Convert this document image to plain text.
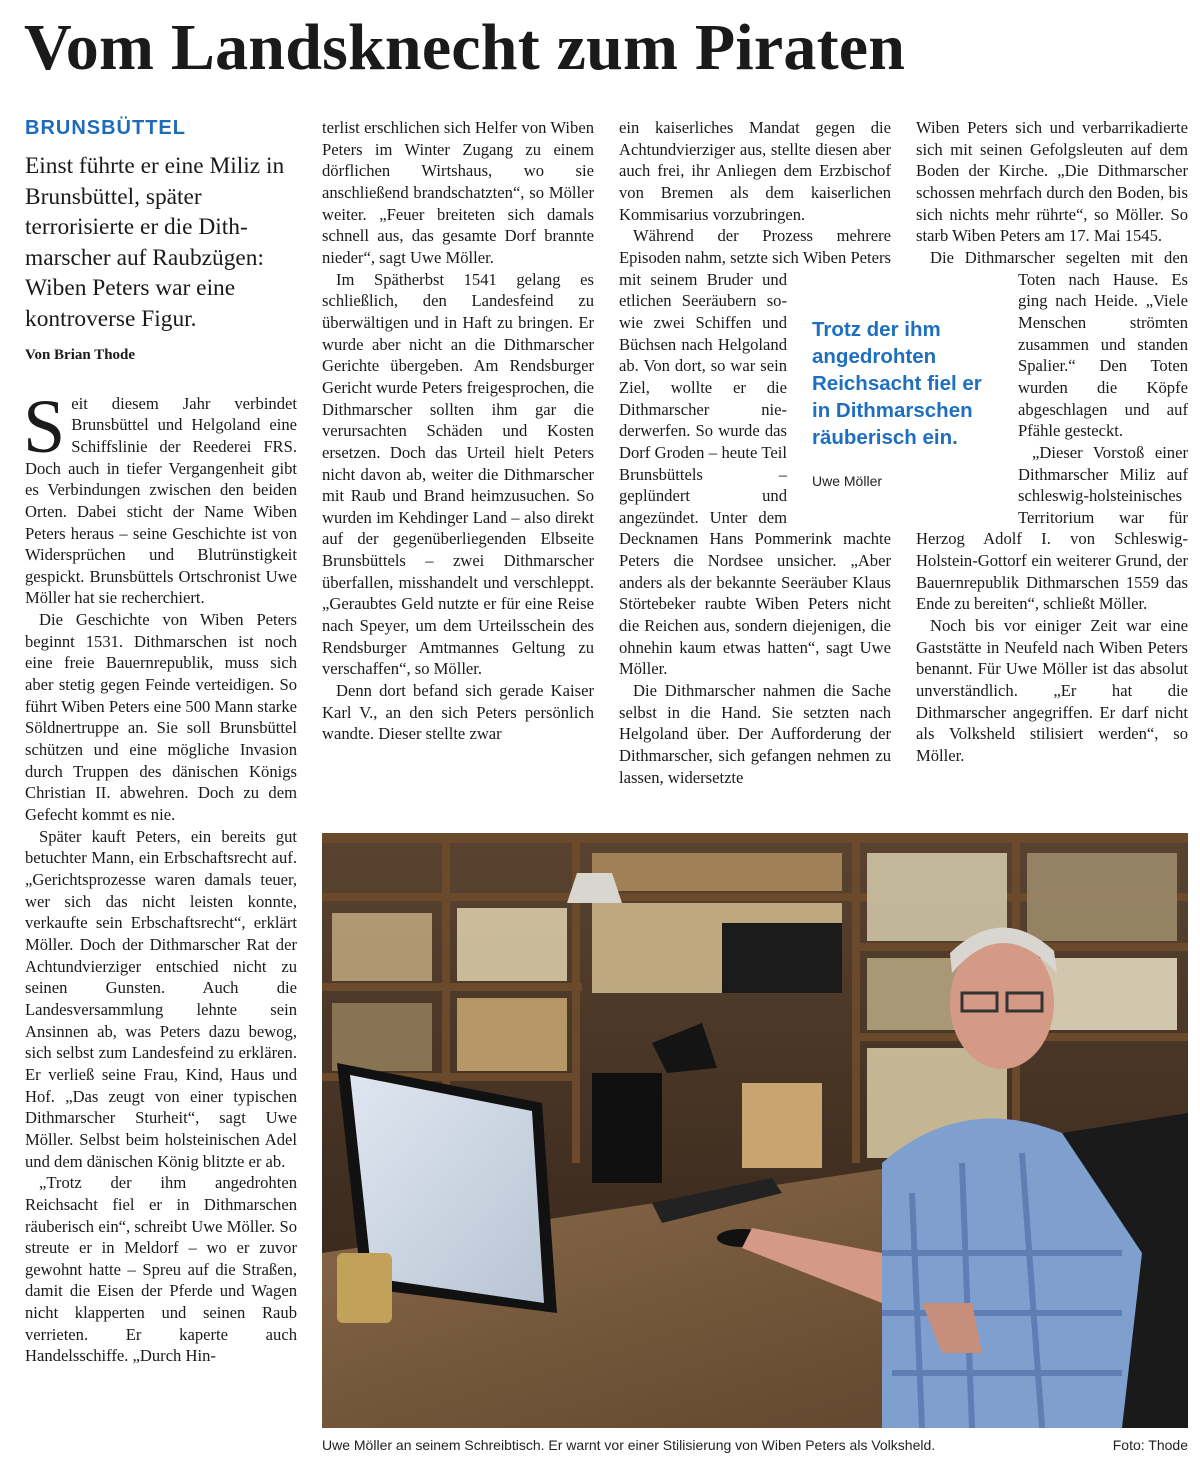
Vom Landsknecht zum Piraten
BRUNSBÜTTEL
Einst führte er eine Miliz in Brunsbüttel, später terrorisierte er die Dithmarscher auf Raubzügen: Wiben Peters war eine kontroverse Figur.
Von Brian Thode

Seit diesem Jahr verbindet Brunsbüttel und Helgoland eine Schiffslinie der Reederei FRS. Doch auch in tiefer Vergangenheit gibt es Verbindungen zwischen den beiden Orten. Dabei sticht der Name Wiben Peters heraus – seine Geschichte ist von Widersprüchen und Blutrünstigkeit gespickt. Brunsbüttels Ortschronist Uwe Möller hat sie recherchiert.

Die Geschichte von Wiben Peters beginnt 1531. Dithmarschen ist noch eine freie Bauernrepublik, muss sich aber stetig gegen Feinde verteidigen. So führt Wiben Peters eine 500 Mann starke Söldnertruppe an. Sie soll Brunsbüttel schützen und eine mögliche Invasion durch Truppen des dänischen Königs Christian II. abwehren. Doch zu dem Gefecht kommt es nie.

Später kauft Peters, ein bereits gut betuchter Mann, ein Erbschaftsrecht auf. „Gerichtsprozesse waren damals teuer, wer sich das nicht leisten konnte, verkaufte sein Erbschaftsrecht“, erklärt Möller. Doch der Dithmarscher Rat der Achtundvierziger entschied nicht zu seinen Gunsten. Auch die Landesversammlung lehnte sein Ansinnen ab, was Peters dazu bewog, sich selbst zum Landesfeind zu erklären. Er verließ seine Frau, Kind, Haus und Hof. „Das zeugt von einer typischen Dithmarscher Sturheit“, sagt Uwe Möller. Selbst beim holsteinischen Adel und dem dänischen König blitzte er ab.

„Trotz der ihm angedrohten Reichsacht fiel er in Dithmarschen räuberisch ein“, schreibt Uwe Möller. So streute er in Meldorf – wo er zuvor gewohnt hatte – Spreu auf die Straßen, damit die Eisen der Pferde und Wagen nicht klapperten und seinen Raub verrieten. Er kaperte auch Handelsschiffe. „Durch Hin-

terlist erschlichen sich Helfer von Wiben Peters im Winter Zugang zu einem dörflichen Wirtshaus, wo sie anschließend brandschatzten“, so Möller weiter. „Feuer breiteten sich damals schnell aus, das gesamte Dorf brannte nieder“, sagt Uwe Möller.

Im Spätherbst 1541 gelang es schließlich, den Landesfeind zu überwältigen und in Haft zu bringen. Er wurde aber nicht an die Dithmarscher Gerichte übergeben. Am Rendsburger Gericht wurde Peters freigesprochen, die Dithmarscher sollten ihm gar die verursachten Schäden und Kosten ersetzen. Doch das Urteil hielt Peters nicht davon ab, weiter die Dithmarscher mit Raub und Brand heimzusuchen. So wurden im Kehdinger Land – also direkt auf der gegenüberliegenden Elbseite Brunsbüttels – zwei Dithmarscher überfallen, misshandelt und verschleppt. „Geraubtes Geld nutzte er für eine Reise nach Speyer, um dem Urteilsschein des Rendsburger Amtmannes Geltung zu verschaffen“, so Möller.

Denn dort befand sich gerade Kaiser Karl V., an den sich Peters persönlich wandte. Dieser stellte zwar

ein kaiserliches Mandat gegen die Achtundvierziger aus, stellte diesen aber auch frei, ihr Anliegen dem Erzbischof von Bremen als dem kaiserlichen Kommisarius vorzubringen.

Während der Prozess mehrere Episoden nahm, setzte sich Wiben Peters mit seinem Bruder und etlichen Seeräubern sowie zwei Schiffen und Büchsen nach Helgoland ab. Von dort, so war sein Ziel, wollte er die Dithmarscher niederwerfen. So wurde das Dorf Groden – heute Teil Brunsbüttels – geplündert und angezündet. Unter dem Decknamen Hans Pommerink machte Peters die Nordsee unsicher. „Aber anders als der bekannte Seeräuber Klaus Störtebeker raubte Wiben Peters nicht die Reichen aus, sondern diejenigen, die ohnehin kaum etwas hatten“, sagt Uwe Möller.

Die Dithmarscher nahmen die Sache selbst in die Hand. Sie setzten nach Helgoland über. Der Aufforderung der Dithmarscher, sich gefangen nehmen zu lassen, widersetzte

Wiben Peters sich und verbarrikadierte sich mit seinen Gefolgsleuten auf dem Boden der Kirche. „Die Dithmarscher schossen mehrfach durch den Boden, bis sich nichts mehr rührte“, so Möller. So starb Wiben Peters am 17. Mai 1545.

Die Dithmarscher segelten mit den Toten nach Hause. Es ging nach Heide. „Viele Menschen strömten zusammen und standen Spalier.“ Den Toten wurden die Köpfe abgeschlagen und auf Pfähle gesteckt.

„Dieser Vorstoß einer Dithmarscher Miliz auf schleswig-holsteinisches Territorium war für Herzog Adolf I. von Schleswig-Holstein-Gottorf ein weiterer Grund, der Bauernrepublik Dithmarschen 1559 das Ende zu bereiten“, schließt Möller.

Noch bis vor einiger Zeit war eine Gaststätte in Neufeld nach Wiben Peters benannt. Für Uwe Möller ist das absolut unverständlich. „Er hat die Dithmarscher angegriffen. Er darf nicht als Volksheld stilisiert werden“, so Möller.

Trotz der ihm
angedrohten
Reichsacht fiel er
in Dithmarschen
räuberisch ein.
Uwe Möller
Uwe Möller an seinem Schreibtisch. Er warnt vor einer Stilisierung von Wiben Peters als Volksheld.	Foto: Thode
